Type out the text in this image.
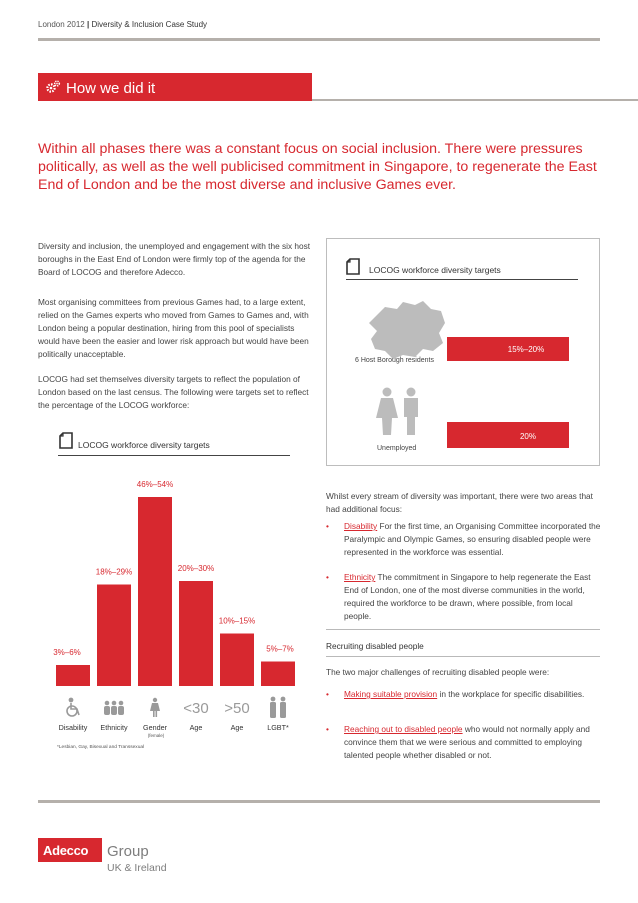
London 2012 | Diversity & Inclusion Case Study
How we did it
Within all phases there was a constant focus on social inclusion. There were pressures politically, as well as the well publicised commitment in Singapore, to regenerate the East End of London and be the most diverse and inclusive Games ever.
Diversity and inclusion, the unemployed and engagement with the six host boroughs in the East End of London were firmly top of the agenda for the Board of LOCOG and therefore Adecco.
Most organising committees from previous Games had, to a large extent, relied on the Games experts who moved from Games to Games and, with London being a popular destination, hiring from this pool of specialists would have been the easier and lower risk approach but would have been politically unacceptable.
LOCOG had set themselves diversity targets to reflect the population of London based on the last census. The following were targets set to reflect the percentage of the LOCOG workforce:
LOCOG workforce diversity targets
6 Host Borough residents
15%–20%
Unemployed
20%
LOCOG workforce diversity targets
3%–6%
Disability
18%–29%
Ethnicity
46%–54%
Gender
(female)
20%–30%
Age
<30
10%–15%
Age
>50
5%–7%
LGBT*
*Lesbian, Gay, Bisexual and Transsexual
Whilst every stream of diversity was important, there were two areas that had additional focus:
• Disability For the first time, an Organising Committee incorporated the Paralympic and Olympic Games, so ensuring disabled people were represented in the workforce was essential.
• Ethnicity The commitment in Singapore to help regenerate the East End of London, one of the most diverse communities in the world, required the workforce to be drawn, where possible, from local people.
Recruiting disabled people
The two major challenges of recruiting disabled people were:
• Making suitable provision in the workplace for specific disabilities.
• Reaching out to disabled people who would not normally apply and convince them that we were serious and committed to employing talented people whether disabled or not.
Adecco Group
UK & Ireland
